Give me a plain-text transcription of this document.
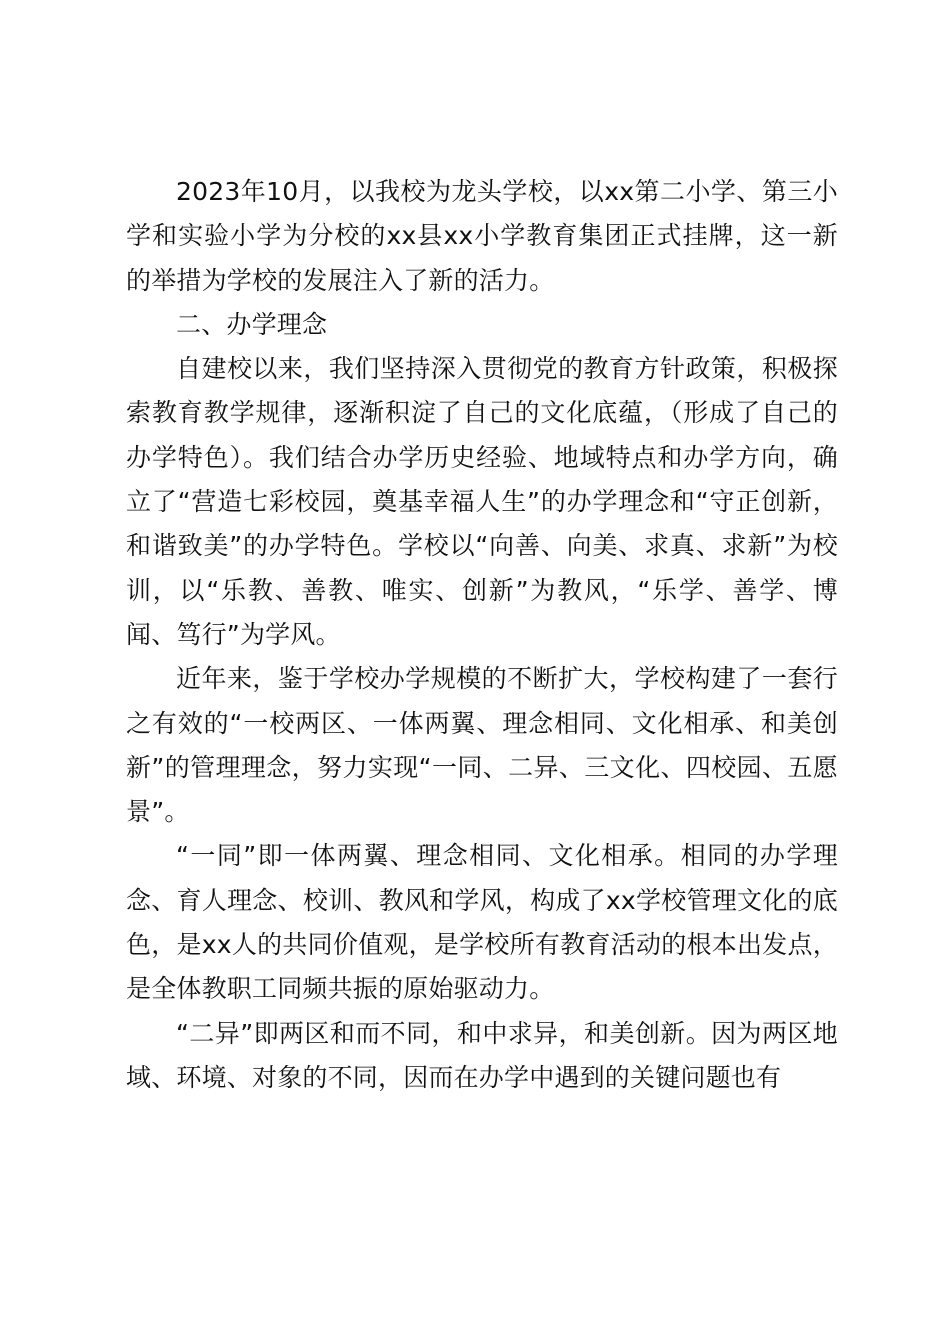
2023年10月，以我校为龙头学校，以xx第二小学、第三小学和实验小学为分校的xx县xx小学教育集团正式挂牌，这一新的举措为学校的发展注入了新的活力。

二、办学理念

自建校以来，我们坚持深入贯彻党的教育方针政策，积极探索教育教学规律，逐渐积淀了自己的文化底蕴，（形成了自己的办学特色）。我们结合办学历史经验、地域特点和办学方向，确立了“营造七彩校园，奠基幸福人生”的办学理念和“守正创新，和谐致美”的办学特色。学校以“向善、向美、求真、求新”为校训，以“乐教、善教、唯实、创新”为教风，“乐学、善学、博闻、笃行”为学风。

近年来，鉴于学校办学规模的不断扩大，学校构建了一套行之有效的“一校两区、一体两翼、理念相同、文化相承、和美创新”的管理理念，努力实现“一同、二异、三文化、四校园、五愿景”。

“一同”即一体两翼、理念相同、文化相承。相同的办学理念、育人理念、校训、教风和学风，构成了xx学校管理文化的底色，是xx人的共同价值观，是学校所有教育活动的根本出发点，是全体教职工同频共振的原始驱动力。

“二异”即两区和而不同，和中求异，和美创新。因为两区地域、环境、对象的不同，因而在办学中遇到的关键问题也有
